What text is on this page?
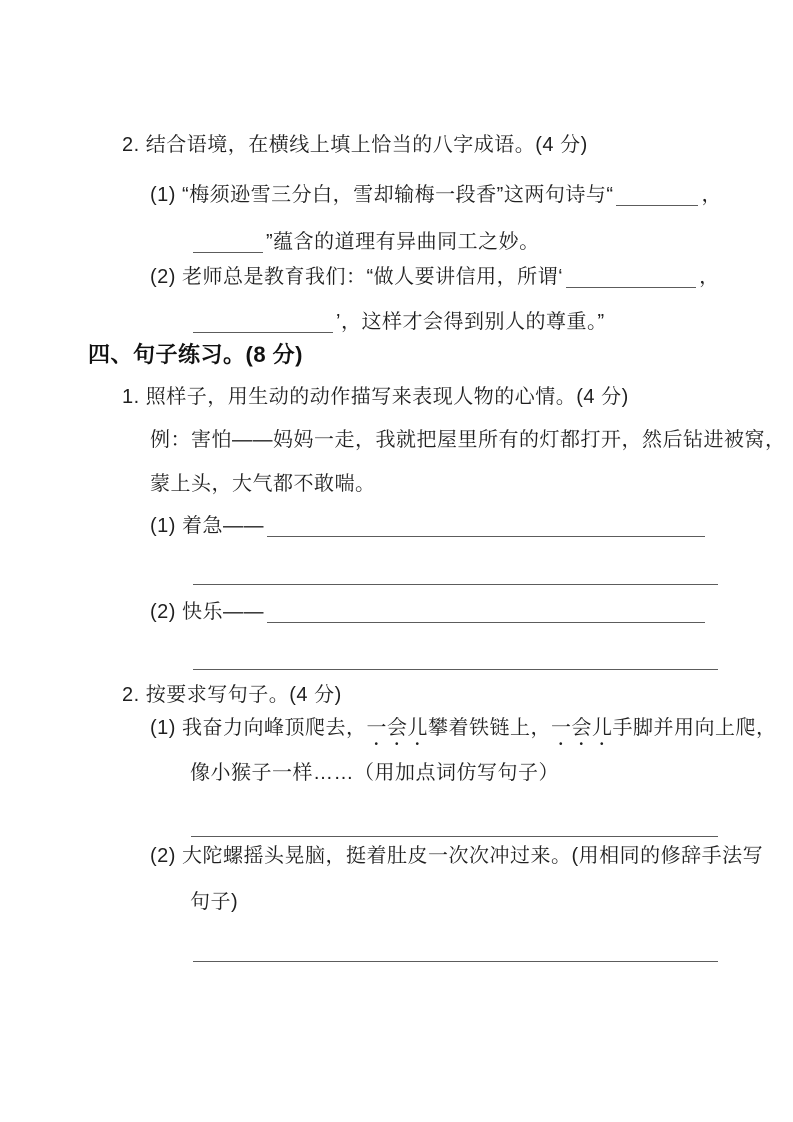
2. 结合语境，在横线上填上恰当的八字成语。(4 分)
(1) “梅须逊雪三分白，雪却输梅一段香”这两句诗与“	，
”蕴含的道理有异曲同工之妙。
(2) 老师总是教育我们：“做人要讲信用，所谓‘	，
’，这样才会得到别人的尊重。”
四、句子练习。(8 分)
1. 照样子，用生动的动作描写来表现人物的心情。(4 分)
例：害怕——妈妈一走，我就把屋里所有的灯都打开，然后钻进被窝，
蒙上头，大气都不敢喘。
(1) 着急——
(2) 快乐——
2. 按要求写句子。(4 分)
(1) 我奋力向峰顶爬去，一会儿攀着铁链上，一会儿手脚并用向上爬，
像小猴子一样……（用加点词仿写句子）
(2) 大陀螺摇头晃脑，挺着肚皮一次次冲过来。(用相同的修辞手法写
句子)
